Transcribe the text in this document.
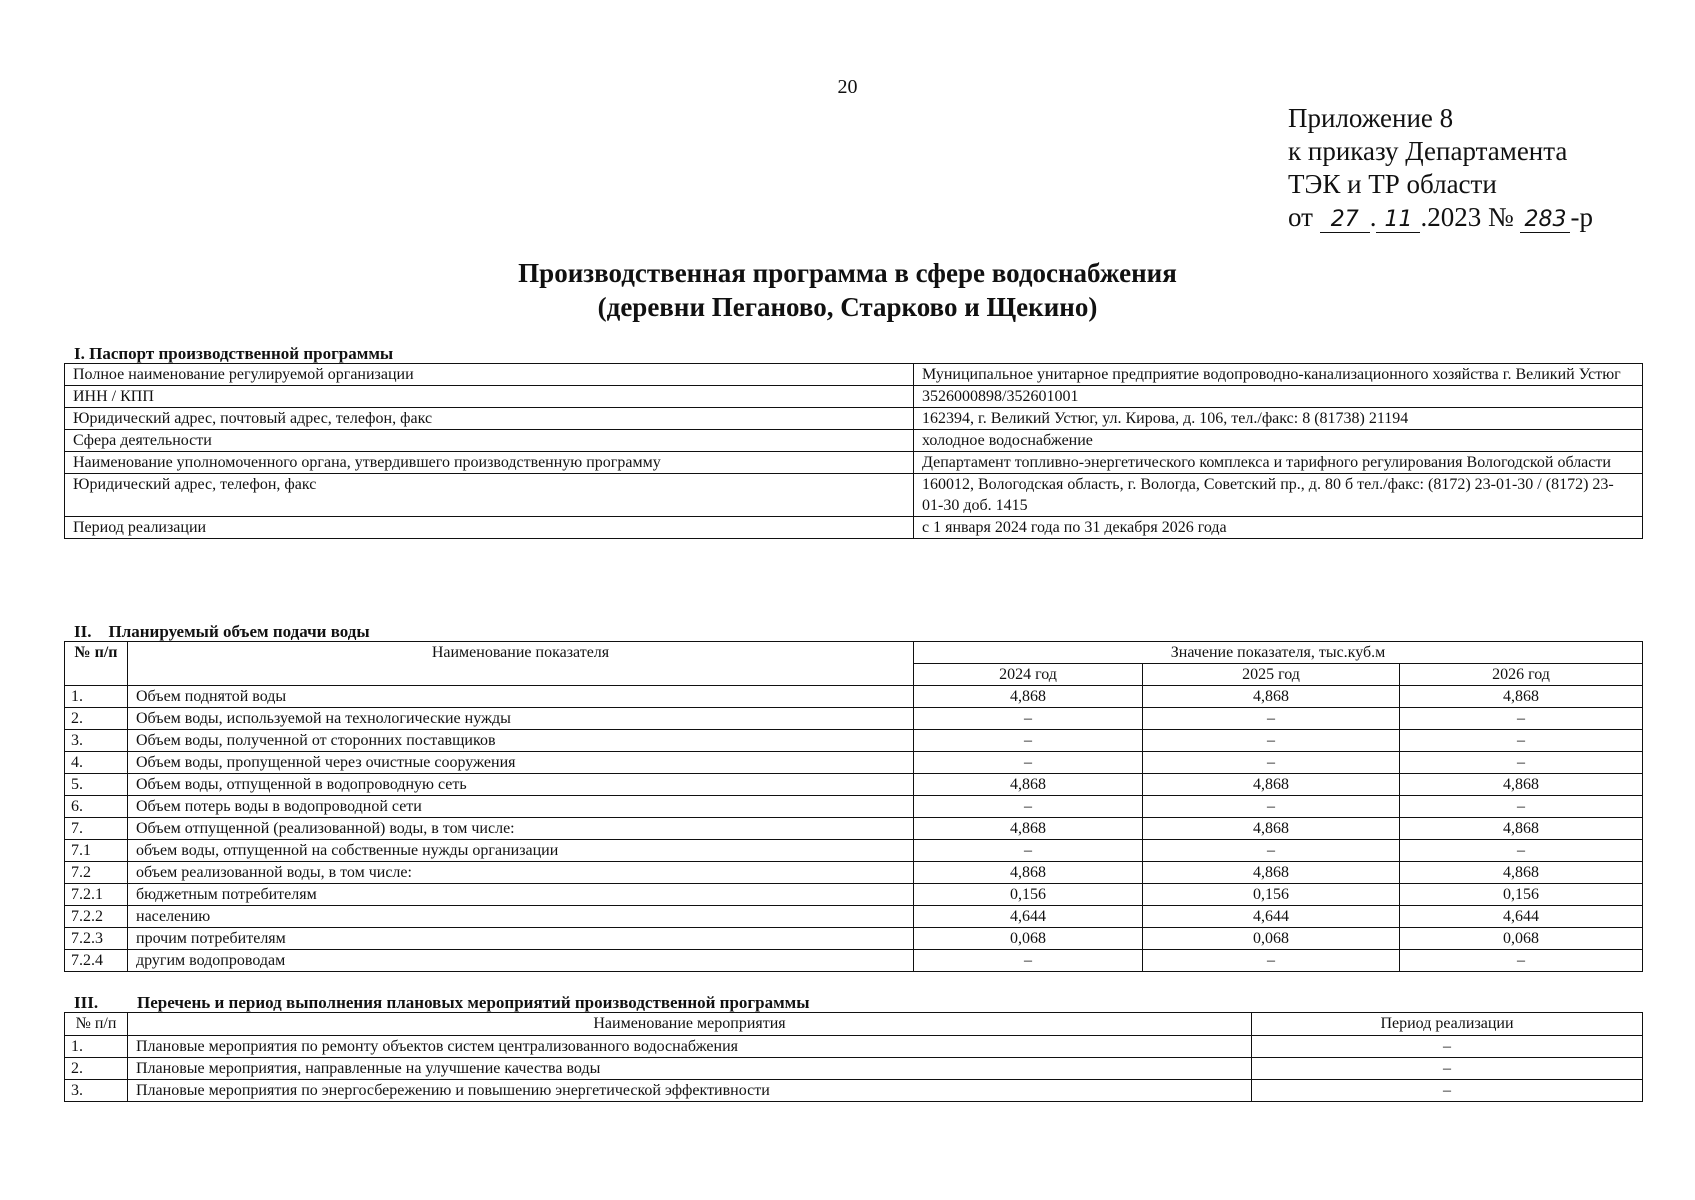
20
Приложение 8
к приказу Департамента
ТЭК и ТР области
от 27 . 11 .2023 № 283 -р
Производственная программа в сфере водоснабжения
(деревни Пеганово, Старково и Щекино)
I. Паспорт производственной программы
Полное наименование регулируемой организации	Муниципальное унитарное предприятие водопроводно-канализационного хозяйства г. Великий Устюг
ИНН / КПП	3526000898/352601001
Юридический адрес, почтовый адрес, телефон, факс	162394, г. Великий Устюг, ул. Кирова, д. 106, тел./факс: 8 (81738) 21194
Сфера деятельности	холодное водоснабжение
Наименование уполномоченного органа, утвердившего производственную программу	Департамент топливно-энергетического комплекса и тарифного регулирования Вологодской области
Юридический адрес, телефон, факс	160012, Вологодская область, г. Вологда, Советский пр., д. 80 б тел./факс: (8172) 23-01-30 / (8172) 23-01-30 доб. 1415
Период реализации	с 1 января 2024 года по 31 декабря 2026 года
II.    Планируемый объем подачи воды
№ п/п	Наименование показателя	Значение показателя, тыс.куб.м		
		2024 год	2025 год	2026 год
1.	Объем поднятой воды	4,868	4,868	4,868
2.	Объем воды, используемой на технологические нужды	–	–	–
3.	Объем воды, полученной от сторонних поставщиков	–	–	–
4.	Объем воды, пропущенной через очистные сооружения	–	–	–
5.	Объем воды, отпущенной в водопроводную сеть	4,868	4,868	4,868
6.	Объем потерь воды в водопроводной сети	–	–	–
7.	Объем отпущенной (реализованной) воды, в том числе:	4,868	4,868	4,868
7.1	объем воды, отпущенной на собственные нужды организации	–	–	–
7.2	объем реализованной воды, в том числе:	4,868	4,868	4,868
7.2.1	бюджетным потребителям	0,156	0,156	0,156
7.2.2	населению	4,644	4,644	4,644
7.2.3	прочим потребителям	0,068	0,068	0,068
7.2.4	другим водопроводам	–	–	–
III. Перечень и период выполнения плановых мероприятий производственной программы
№ п/п	Наименование мероприятия	Период реализации
1.	Плановые мероприятия по ремонту объектов систем централизованного водоснабжения	–
2.	Плановые мероприятия, направленные на улучшение качества воды	–
3.	Плановые мероприятия по энергосбережению и повышению энергетической эффективности	–
